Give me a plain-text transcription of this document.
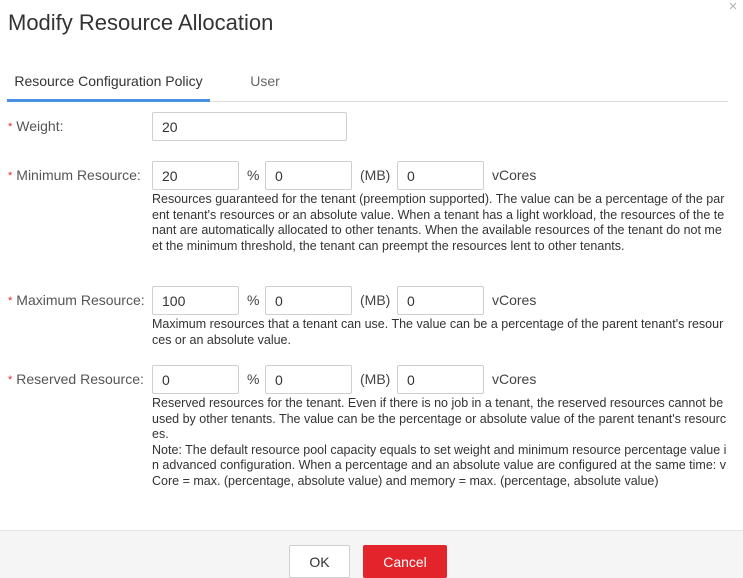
Modify Resource Allocation
×
Resource Configuration Policy	User
* Weight:
20
* Minimum Resource:
20	%
0	(MB)
0	vCores

Resources guaranteed for the tenant (preemption supported). The value can be a percentage of the parent tenant's resources or an absolute value. When a tenant has a light workload, the resources of the tenant are automatically allocated to other tenants. When the available resources of the tenant do not meet the minimum threshold, the tenant can preempt the resources lent to other tenants.

* Maximum Resource:
100	%
0	(MB)
0	vCores

Maximum resources that a tenant can use. The value can be a percentage of the parent tenant's resources or an absolute value.

* Reserved Resource:
0	%
0	(MB)
0	vCores

Reserved resources for the tenant. Even if there is no job in a tenant, the reserved resources cannot be used by other tenants. The value can be the percentage or absolute value of the parent tenant's resources.

Note: The default resource pool capacity equals to set weight and minimum resource percentage value in advanced configuration. When a percentage and an absolute value are configured at the same time: vCore = max. (percentage, absolute value) and memory = max. (percentage, absolute value)

OK	Cancel
